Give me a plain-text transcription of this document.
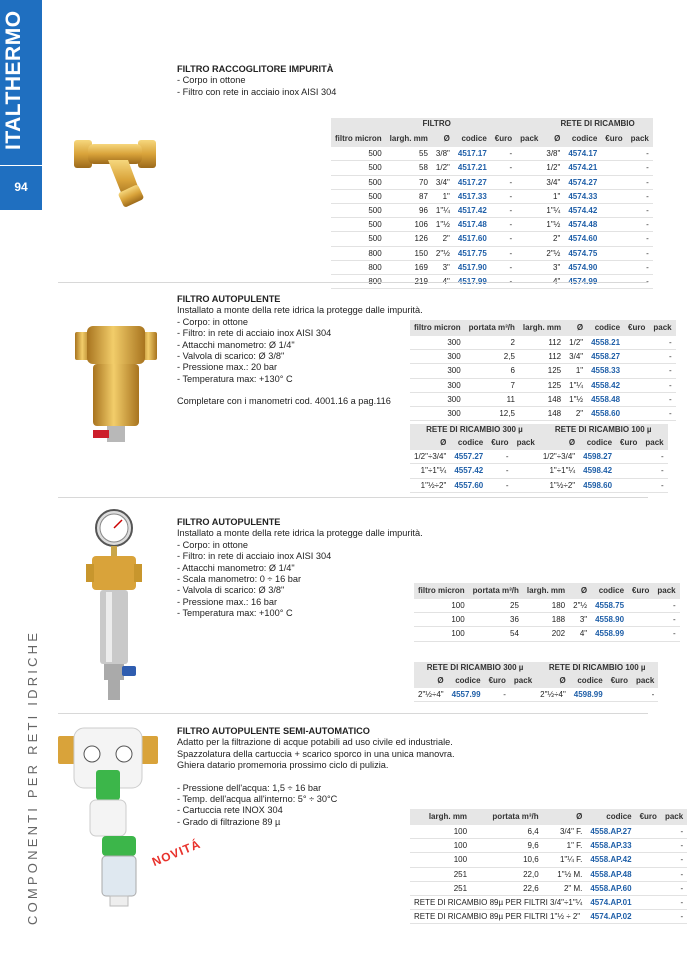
ITALTHERMO
94
COMPONENTI PER RETI IDRICHE
FILTRO RACCOGLITORE IMPURITÀ
- Corpo in ottone
- Filtro con rete in acciaio inox AISI 304
FILTRO						RETE DI RICAMBIO			
filtro micron	largh. mm	Ø	codice	€uro	pack		Ø	codice	€uro	pack
500	55	3/8"	4517.17	-			3/8"	4574.17		-
500	58	1/2"	4517.21	-			1/2"	4574.21		-
500	70	3/4"	4517.27	-			3/4"	4574.27		-
500	87	1"	4517.33	-			1"	4574.33		-
500	96	1"¼	4517.42	-			1"¼	4574.42		-
500	106	1"½	4517.48	-			1"½	4574.48		-
500	126	2"	4517.60	-			2"	4574.60		-
800	150	2"½	4517.75	-			2"½	4574.75		-
800	169	3"	4517.90	-			3"	4574.90		-

FILTRO AUTOPULENTE
Installato a monte della rete idrica la protegge dalle impurità.
- Corpo: in ottone
- Filtro: in rete di acciaio inox AISI 304
- Attacchi manometro: Ø 1/4"
- Valvola di scarico: Ø 3/8"
- Pressione max.: 20 bar
- Temperatura max: +130° C
Completare con i manometri cod. 4001.16 a pag.116
filtro micron	portata m³/h	largh. mm	Ø	codice	€uro	pack
300	2	112	1/2"	4558.21		-
300	2,5	112	3/4"	4558.27		-
300	6	125	1"	4558.33		-
300	7	125	1"¼	4558.42		-
300	11	148	1"½	4558.48		-
300	12,5	148	2"	4558.60		-
RETE DI RICAMBIO 300 µ				RETE DI RICAMBIO 100 µ			
Ø	codice	€uro	pack		Ø	codice	€uro	pack
1/2"÷3/4"	4557.27	-			1/2"÷3/4"	4598.27		-
1"÷1"¼	4557.42	-			1"÷1"¼	4598.42		-
1"½÷2"	4557.60	-			1"½÷2"	4598.60		-
FILTRO AUTOPULENTE
Installato a monte della rete idrica la protegge dalle impurità.
- Corpo: in ottone
- Filtro: in rete di acciaio inox AISI 304
- Attacchi manometro: Ø 1/4"
- Scala manometro: 0 ÷ 16 bar
- Valvola di scarico: Ø 3/8"
- Pressione max.: 16 bar
- Temperatura max: +100° C
filtro micron	portata m³/h	largh. mm	Ø	codice	€uro	pack
100	25	180	2"½	4558.75		-
100	36	188	3"	4558.90		-
100	54	202	4"	4558.99		-
RETE DI RICAMBIO 300 µ				RETE DI RICAMBIO 100 µ			
Ø	codice	€uro	pack		Ø	codice	€uro	pack
2"½÷4"	4557.99	-			2"½÷4"	4598.99		-
NOVITÁ
FILTRO AUTOPULENTE SEMI-AUTOMATICO
Adatto per la filtrazione di acque potabili ad uso civile ed industriale.
Spazzolatura della cartuccia + scarico sporco in una unica manovra.
Ghiera datario promemoria prossimo ciclo di pulizia.
- Pressione dell'acqua: 1,5 ÷ 16 bar
- Temp. dell'acqua all'interno: 5° ÷ 30°C
- Cartuccia rete INOX 304
- Grado di filtrazione 89 µ
largh. mm	portata m³/h	Ø	codice	€uro	pack
100	6,4	3/4" F.	4558.AP.27		-
100	9,6	1" F.	4558.AP.33		-
100	10,6	1"¼ F.	4558.AP.42		-
251	22,0	1"½ M.	4558.AP.48		-
251	22,6	2" M.	4558.AP.60		-
RETE DI RICAMBIO 89µ PER FILTRI 3/4"÷1"¼			4574.AP.01		-
RETE DI RICAMBIO 89µ PER FILTRI 1"½ ÷ 2"			4574.AP.02		-
